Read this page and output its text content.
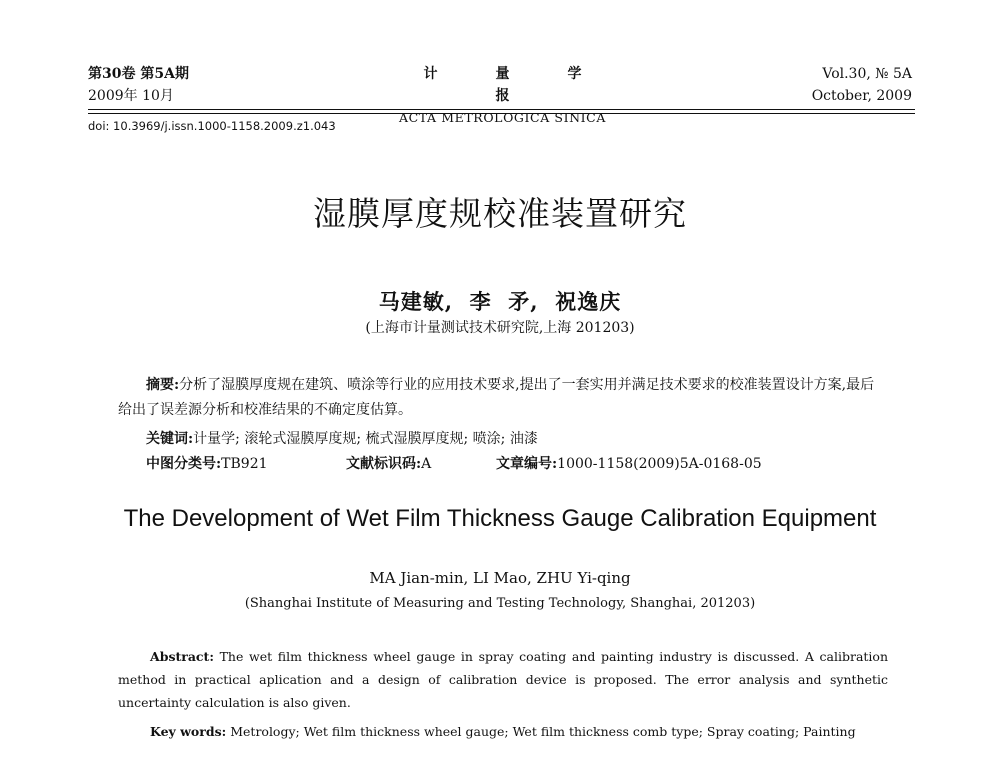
第30卷 第5A期
2009年 10月
计量学报
ACTA METROLOGICA SINICA
Vol.30, № 5A
October, 2009
doi: 10.3969/j.issn.1000-1158.2009.z1.043
湿膜厚度规校准装置研究
马建敏,  李  矛,  祝逸庆
(上海市计量测试技术研究院,上海 201203)
摘要:分析了湿膜厚度规在建筑、喷涂等行业的应用技术要求,提出了一套实用并满足技术要求的校准装置设计方案,最后给出了误差源分析和校准结果的不确定度估算。
关键词:计量学; 滚轮式湿膜厚度规; 梳式湿膜厚度规; 喷涂; 油漆
中图分类号:TB921	文献标识码:A	文章编号:1000-1158(2009)5A-0168-05
The Development of Wet Film Thickness Gauge Calibration Equipment
MA Jian-min, LI Mao, ZHU Yi-qing
(Shanghai Institute of Measuring and Testing Technology, Shanghai, 201203)
Abstract: The wet film thickness wheel gauge in spray coating and painting industry is discussed. A calibration method in practical aplication and a design of calibration device is proposed. The error analysis and synthetic uncertainty calculation is also given.
Key words: Metrology; Wet film thickness wheel gauge; Wet film thickness comb type; Spray coating; Painting
